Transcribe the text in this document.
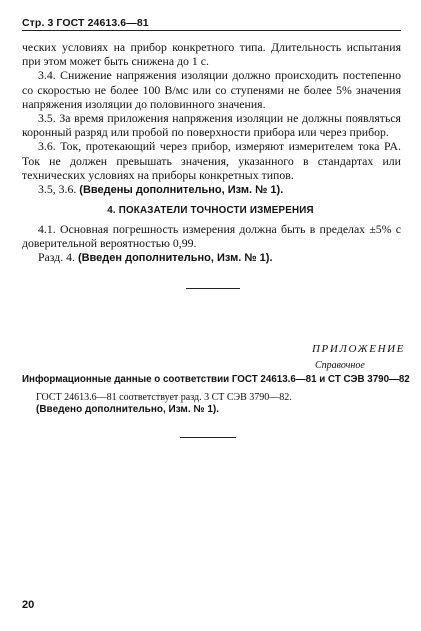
Стр. 3 ГОСТ 24613.6—81

ческих условиях на прибор конкретного типа. Длительность испытания при этом может быть снижена до 1 с.

3.4. Снижение напряжения изоляции должно происходить постепенно со скоростью не более 100 В/мс или со ступенями не более 5% значения напряжения изоляции до половинного значения.

3.5. За время приложения напряжения изоляции не должны появляться коронный разряд или пробой по поверхности прибора или через прибор.

3.6. Ток, протекающий через прибор, измеряют измерителем тока PA. Ток не должен превышать значения, указанного в стандартах или технических условиях на приборы конкретных типов.

3.5, 3.6. (Введены дополнительно, Изм. № 1).

4. ПОКАЗАТЕЛИ ТОЧНОСТИ ИЗМЕРЕНИЯ

4.1. Основная погрешность измерения должна быть в пределах ±5% с доверительной вероятностью 0,99.

Разд. 4. (Введен дополнительно, Изм. № 1).

ПРИЛОЖЕНИЕ
Справочное
Информационные данные о соответствии ГОСТ 24613.6—81 и СТ СЭВ 3790—82

ГОСТ 24613.6—81 соответствует разд. 3 СТ СЭВ 3790—82.

(Введено дополнительно, Изм. № 1).

20
